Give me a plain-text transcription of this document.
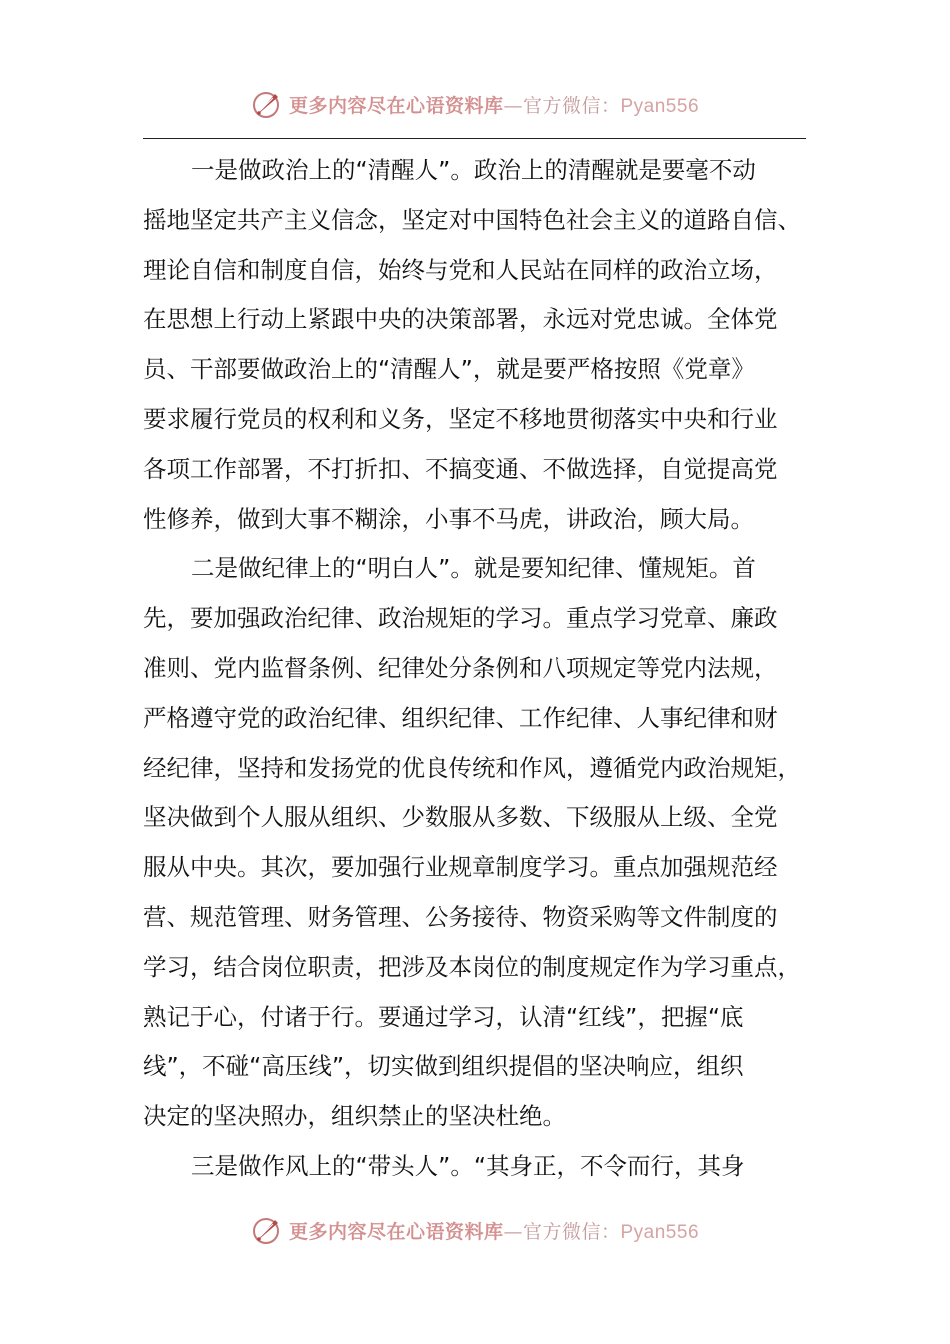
更多内容尽在心语资料库—官方微信：Pyan556
一是做政治上的“清醒人”。政治上的清醒就是要毫不动
摇地坚定共产主义信念，坚定对中国特色社会主义的道路自信、
理论自信和制度自信，始终与党和人民站在同样的政治立场，
在思想上行动上紧跟中央的决策部署，永远对党忠诚。全体党
员、干部要做政治上的“清醒人”，就是要严格按照《党章》
要求履行党员的权利和义务，坚定不移地贯彻落实中央和行业
各项工作部署，不打折扣、不搞变通、不做选择，自觉提高党
性修养，做到大事不糊涂，小事不马虎，讲政治，顾大局。
二是做纪律上的“明白人”。就是要知纪律、懂规矩。首
先，要加强政治纪律、政治规矩的学习。重点学习党章、廉政
准则、党内监督条例、纪律处分条例和八项规定等党内法规，
严格遵守党的政治纪律、组织纪律、工作纪律、人事纪律和财
经纪律，坚持和发扬党的优良传统和作风，遵循党内政治规矩，
坚决做到个人服从组织、少数服从多数、下级服从上级、全党
服从中央。其次，要加强行业规章制度学习。重点加强规范经
营、规范管理、财务管理、公务接待、物资采购等文件制度的
学习，结合岗位职责，把涉及本岗位的制度规定作为学习重点，
熟记于心，付诸于行。要通过学习，认清“红线”，把握“底
线”，不碰“高压线”，切实做到组织提倡的坚决响应，组织
决定的坚决照办，组织禁止的坚决杜绝。
三是做作风上的“带头人”。“其身正，不令而行，其身
更多内容尽在心语资料库—官方微信：Pyan556
